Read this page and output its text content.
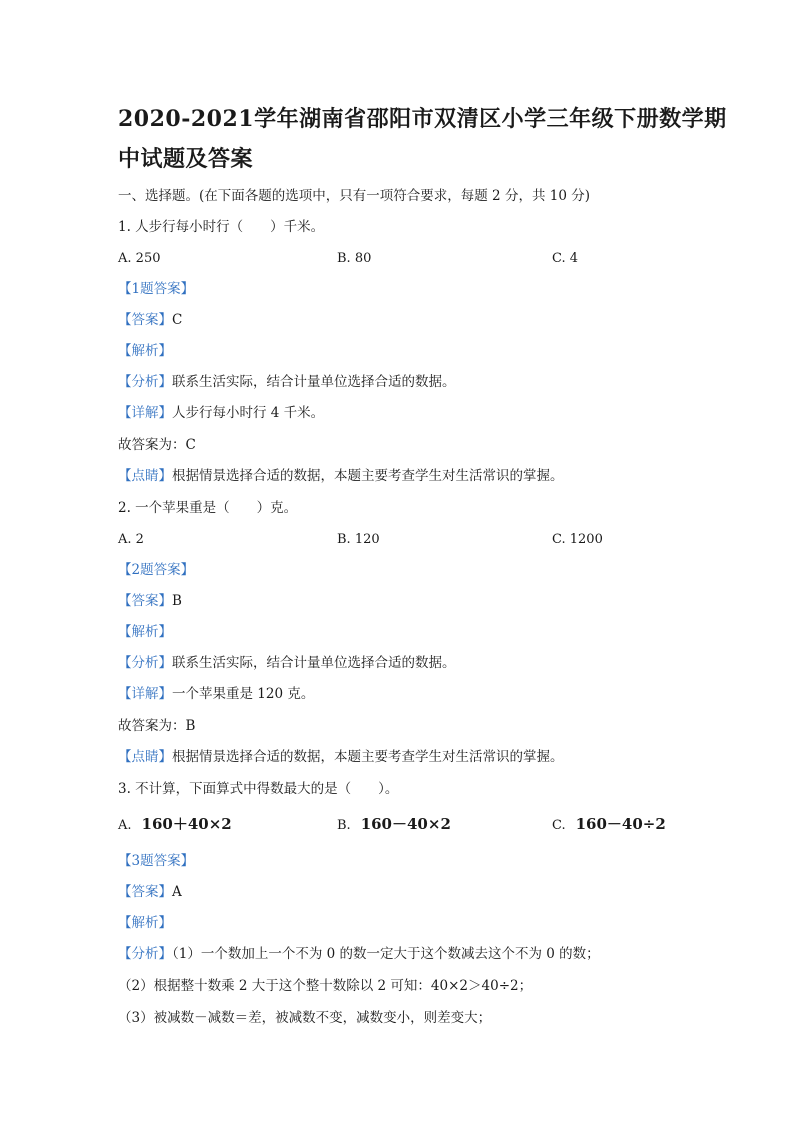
2020-2021学年湖南省邵阳市双清区小学三年级下册数学期
中试题及答案
一、选择题。(在下面各题的选项中，只有一项符合要求，每题 2 分，共 10 分)
1. 人步行每小时行（　　）千米。
A. 250	B. 80	C. 4
【1题答案】
【答案】C
【解析】
【分析】联系生活实际，结合计量单位选择合适的数据。
【详解】人步行每小时行 4 千米。
故答案为：C
【点睛】根据情景选择合适的数据，本题主要考查学生对生活常识的掌握。
2. 一个苹果重是（　　）克。
A. 2	B. 120	C. 1200
【2题答案】
【答案】B
【解析】
【分析】联系生活实际，结合计量单位选择合适的数据。
【详解】一个苹果重是 120 克。
故答案为：B
【点睛】根据情景选择合适的数据，本题主要考查学生对生活常识的掌握。
3. 不计算，下面算式中得数最大的是（　　）。
A. 160＋40×2	B. 160－40×2	C. 160－40÷2
【3题答案】
【答案】A
【解析】
【分析】（1）一个数加上一个不为 0 的数一定大于这个数减去这个不为 0 的数；
（2）根据整十数乘 2 大于这个整十数除以 2 可知：40×2＞40÷2；
（3）被减数－减数＝差，被减数不变，减数变小，则差变大；
